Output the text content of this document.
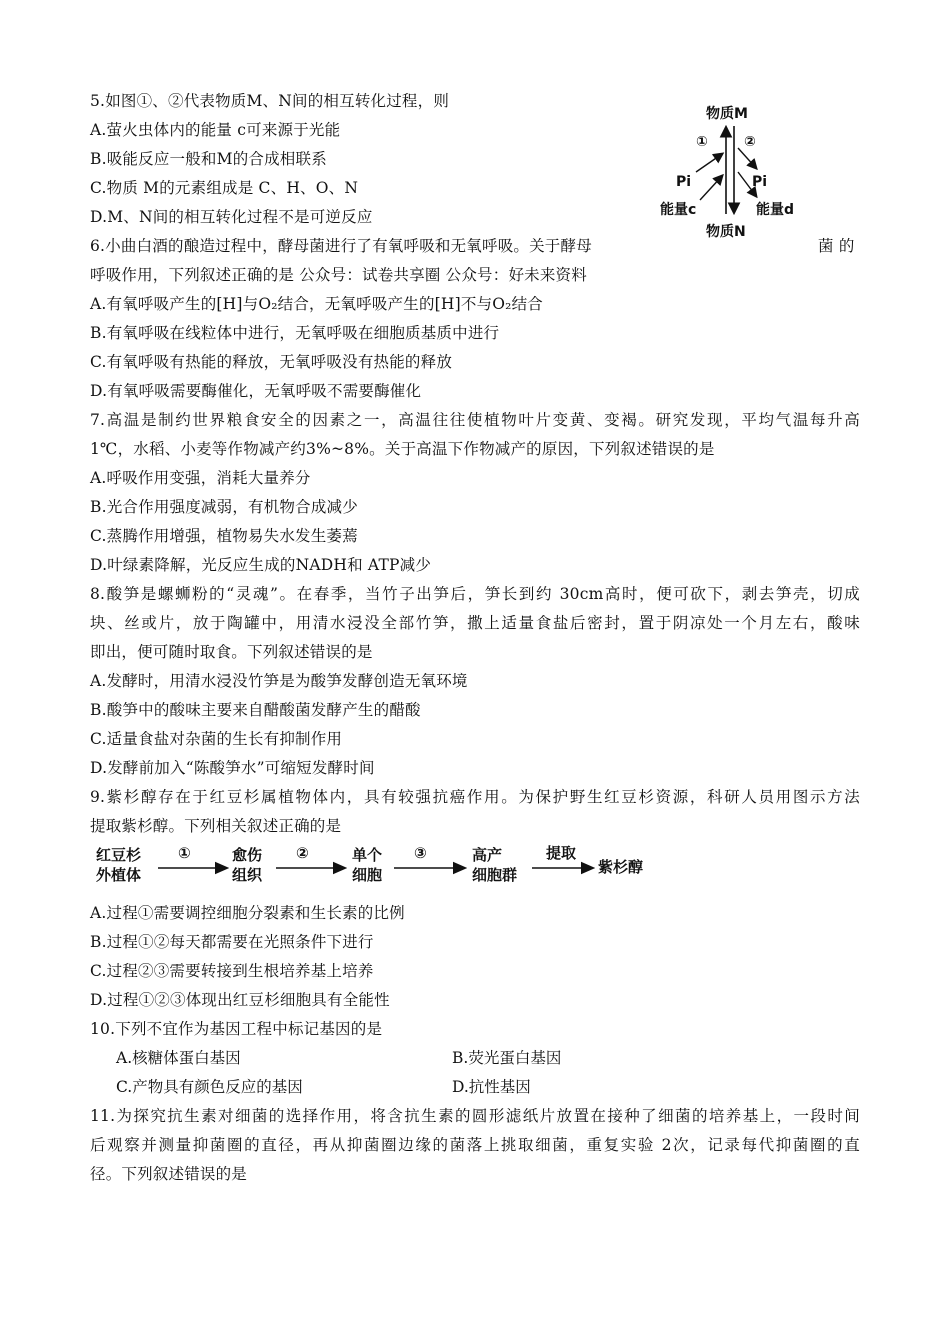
5.如图①、②代表物质M、N间的相互转化过程，则
A.萤火虫体内的能量 c可来源于光能
B.吸能反应一般和M的合成相联系
C.物质 M的元素组成是 C、H、O、N
D.M、N间的相互转化过程不是可逆反应
物质M
物质N
①	②
Pi
能量c
Pi
能量d
6.小曲白酒的酿造过程中，酵母菌进行了有氧呼吸和无氧呼吸。关于酵母	菌 的
呼吸作用，下列叙述正确的是 公众号：试卷共享圈 公众号：好未来资料
A.有氧呼吸产生的[H]与O₂结合，无氧呼吸产生的[H]不与O₂结合
B.有氧呼吸在线粒体中进行，无氧呼吸在细胞质基质中进行
C.有氧呼吸有热能的释放，无氧呼吸没有热能的释放
D.有氧呼吸需要酶催化，无氧呼吸不需要酶催化
7.高温是制约世界粮食安全的因素之一，高温往往使植物叶片变黄、变褐。研究发现，平均气温每升高
1℃，水稻、小麦等作物减产约3%~8%。关于高温下作物减产的原因，下列叙述错误的是
A.呼吸作用变强，消耗大量养分
B.光合作用强度减弱，有机物合成减少
C.蒸腾作用增强，植物易失水发生萎蔫
D.叶绿素降解，光反应生成的NADH和 ATP减少
8.酸笋是螺蛳粉的“灵魂”。在春季，当竹子出笋后，笋长到约 30cm高时，便可砍下，剥去笋壳，切成
块、丝或片，放于陶罐中，用清水浸没全部竹笋，撒上适量食盐后密封，置于阴凉处一个月左右，酸味
即出，便可随时取食。下列叙述错误的是
A.发酵时，用清水浸没竹笋是为酸笋发酵创造无氧环境
B.酸笋中的酸味主要来自醋酸菌发酵产生的醋酸
C.适量食盐对杂菌的生长有抑制作用
D.发酵前加入“陈酸笋水”可缩短发酵时间
9.紫杉醇存在于红豆杉属植物体内，具有较强抗癌作用。为保护野生红豆杉资源，科研人员用图示方法
提取紫杉醇。下列相关叙述正确的是
红豆杉
外植体
①	愈伤
组织
②	单个
细胞
③	高产
细胞群
提取
紫杉醇
A.过程①需要调控细胞分裂素和生长素的比例
B.过程①②每天都需要在光照条件下进行
C.过程②③需要转接到生根培养基上培养
D.过程①②③体现出红豆杉细胞具有全能性
10.下列不宜作为基因工程中标记基因的是
A.核糖体蛋白基因	B.荧光蛋白基因
C.产物具有颜色反应的基因	D.抗性基因
11.为探究抗生素对细菌的选择作用，将含抗生素的圆形滤纸片放置在接种了细菌的培养基上，一段时间
后观察并测量抑菌圈的直径，再从抑菌圈边缘的菌落上挑取细菌，重复实验 2次，记录每代抑菌圈的直
径。下列叙述错误的是
